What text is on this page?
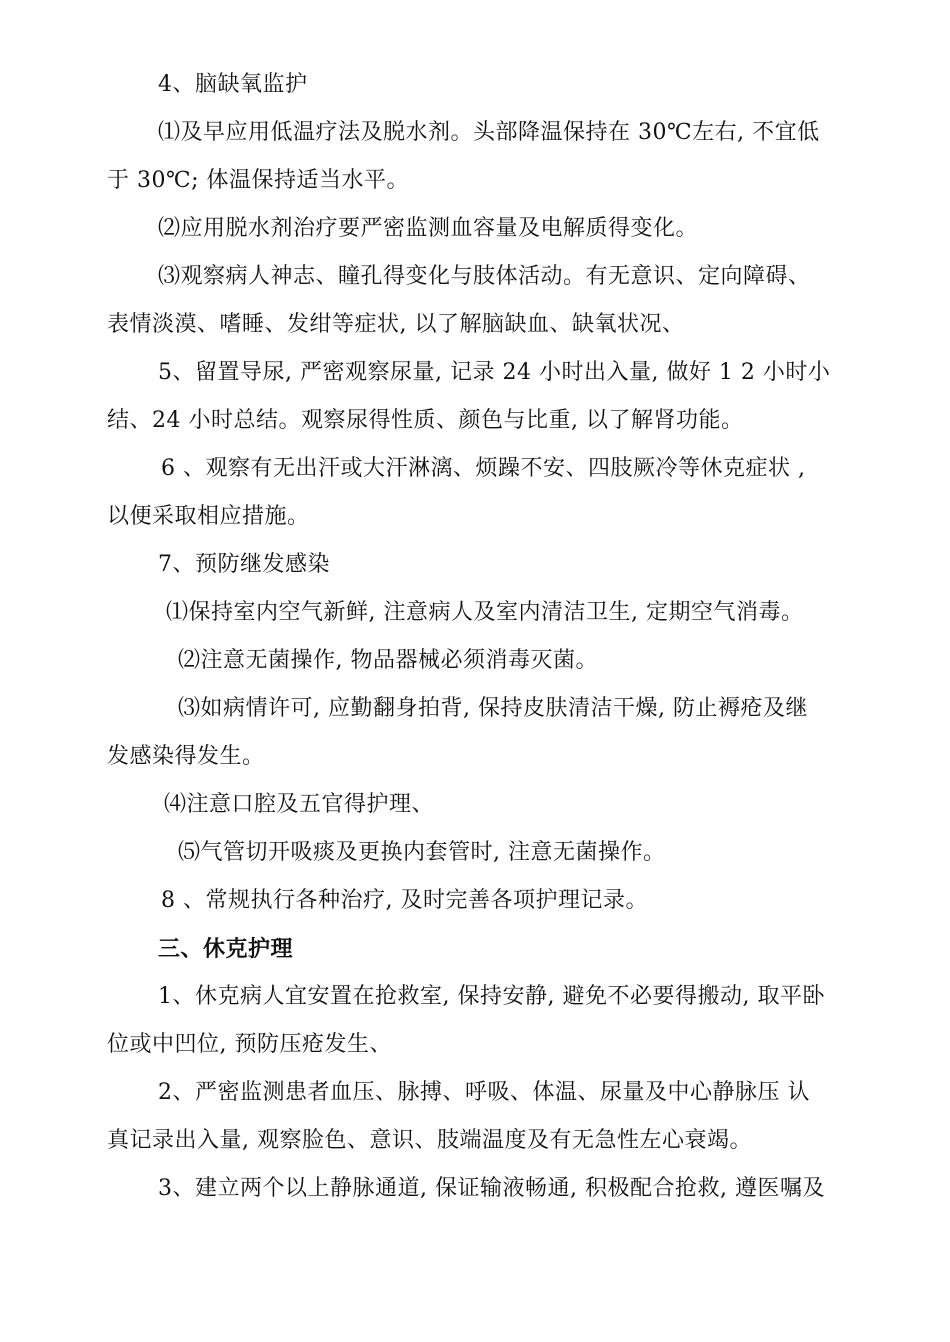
4、脑缺氧监护
⑴及早应用低温疗法及脱水剂。头部降温保持在 30℃左右, 不宜低
于 30℃; 体温保持适当水平。
⑵应用脱水剂治疗要严密监测血容量及电解质得变化。
⑶观察病人神志、瞳孔得变化与肢体活动。有无意识、定向障碍、
表情淡漠、嗜睡、发绀等症状, 以了解脑缺血、缺氧状况、
5、留置导尿, 严密观察尿量, 记录 24 小时出入量, 做好 1 2 小时小
结、24 小时总结。观察尿得性质、颜色与比重, 以了解肾功能。
6 、观察有无出汗或大汗淋漓、烦躁不安、四肢厥冷等休克症状 ,
以便采取相应措施。
7、预防继发感染
⑴保持室内空气新鲜, 注意病人及室内清洁卫生, 定期空气消毒。
⑵注意无菌操作, 物品器械必须消毒灭菌。
⑶如病情许可, 应勤翻身拍背, 保持皮肤清洁干燥, 防止褥疮及继
发感染得发生。
⑷注意口腔及五官得护理、
⑸气管切开吸痰及更换内套管时, 注意无菌操作。
8 、常规执行各种治疗, 及时完善各项护理记录。
三、休克护理
1、休克病人宜安置在抢救室, 保持安静, 避免不必要得搬动, 取平卧
位或中凹位, 预防压疮发生、
2、严密监测患者血压、脉搏、呼吸、体温、尿量及中心静脉压 认
真记录出入量, 观察脸色、意识、肢端温度及有无急性左心衰竭。
3、建立两个以上静脉通道, 保证输液畅通, 积极配合抢救, 遵医嘱及
